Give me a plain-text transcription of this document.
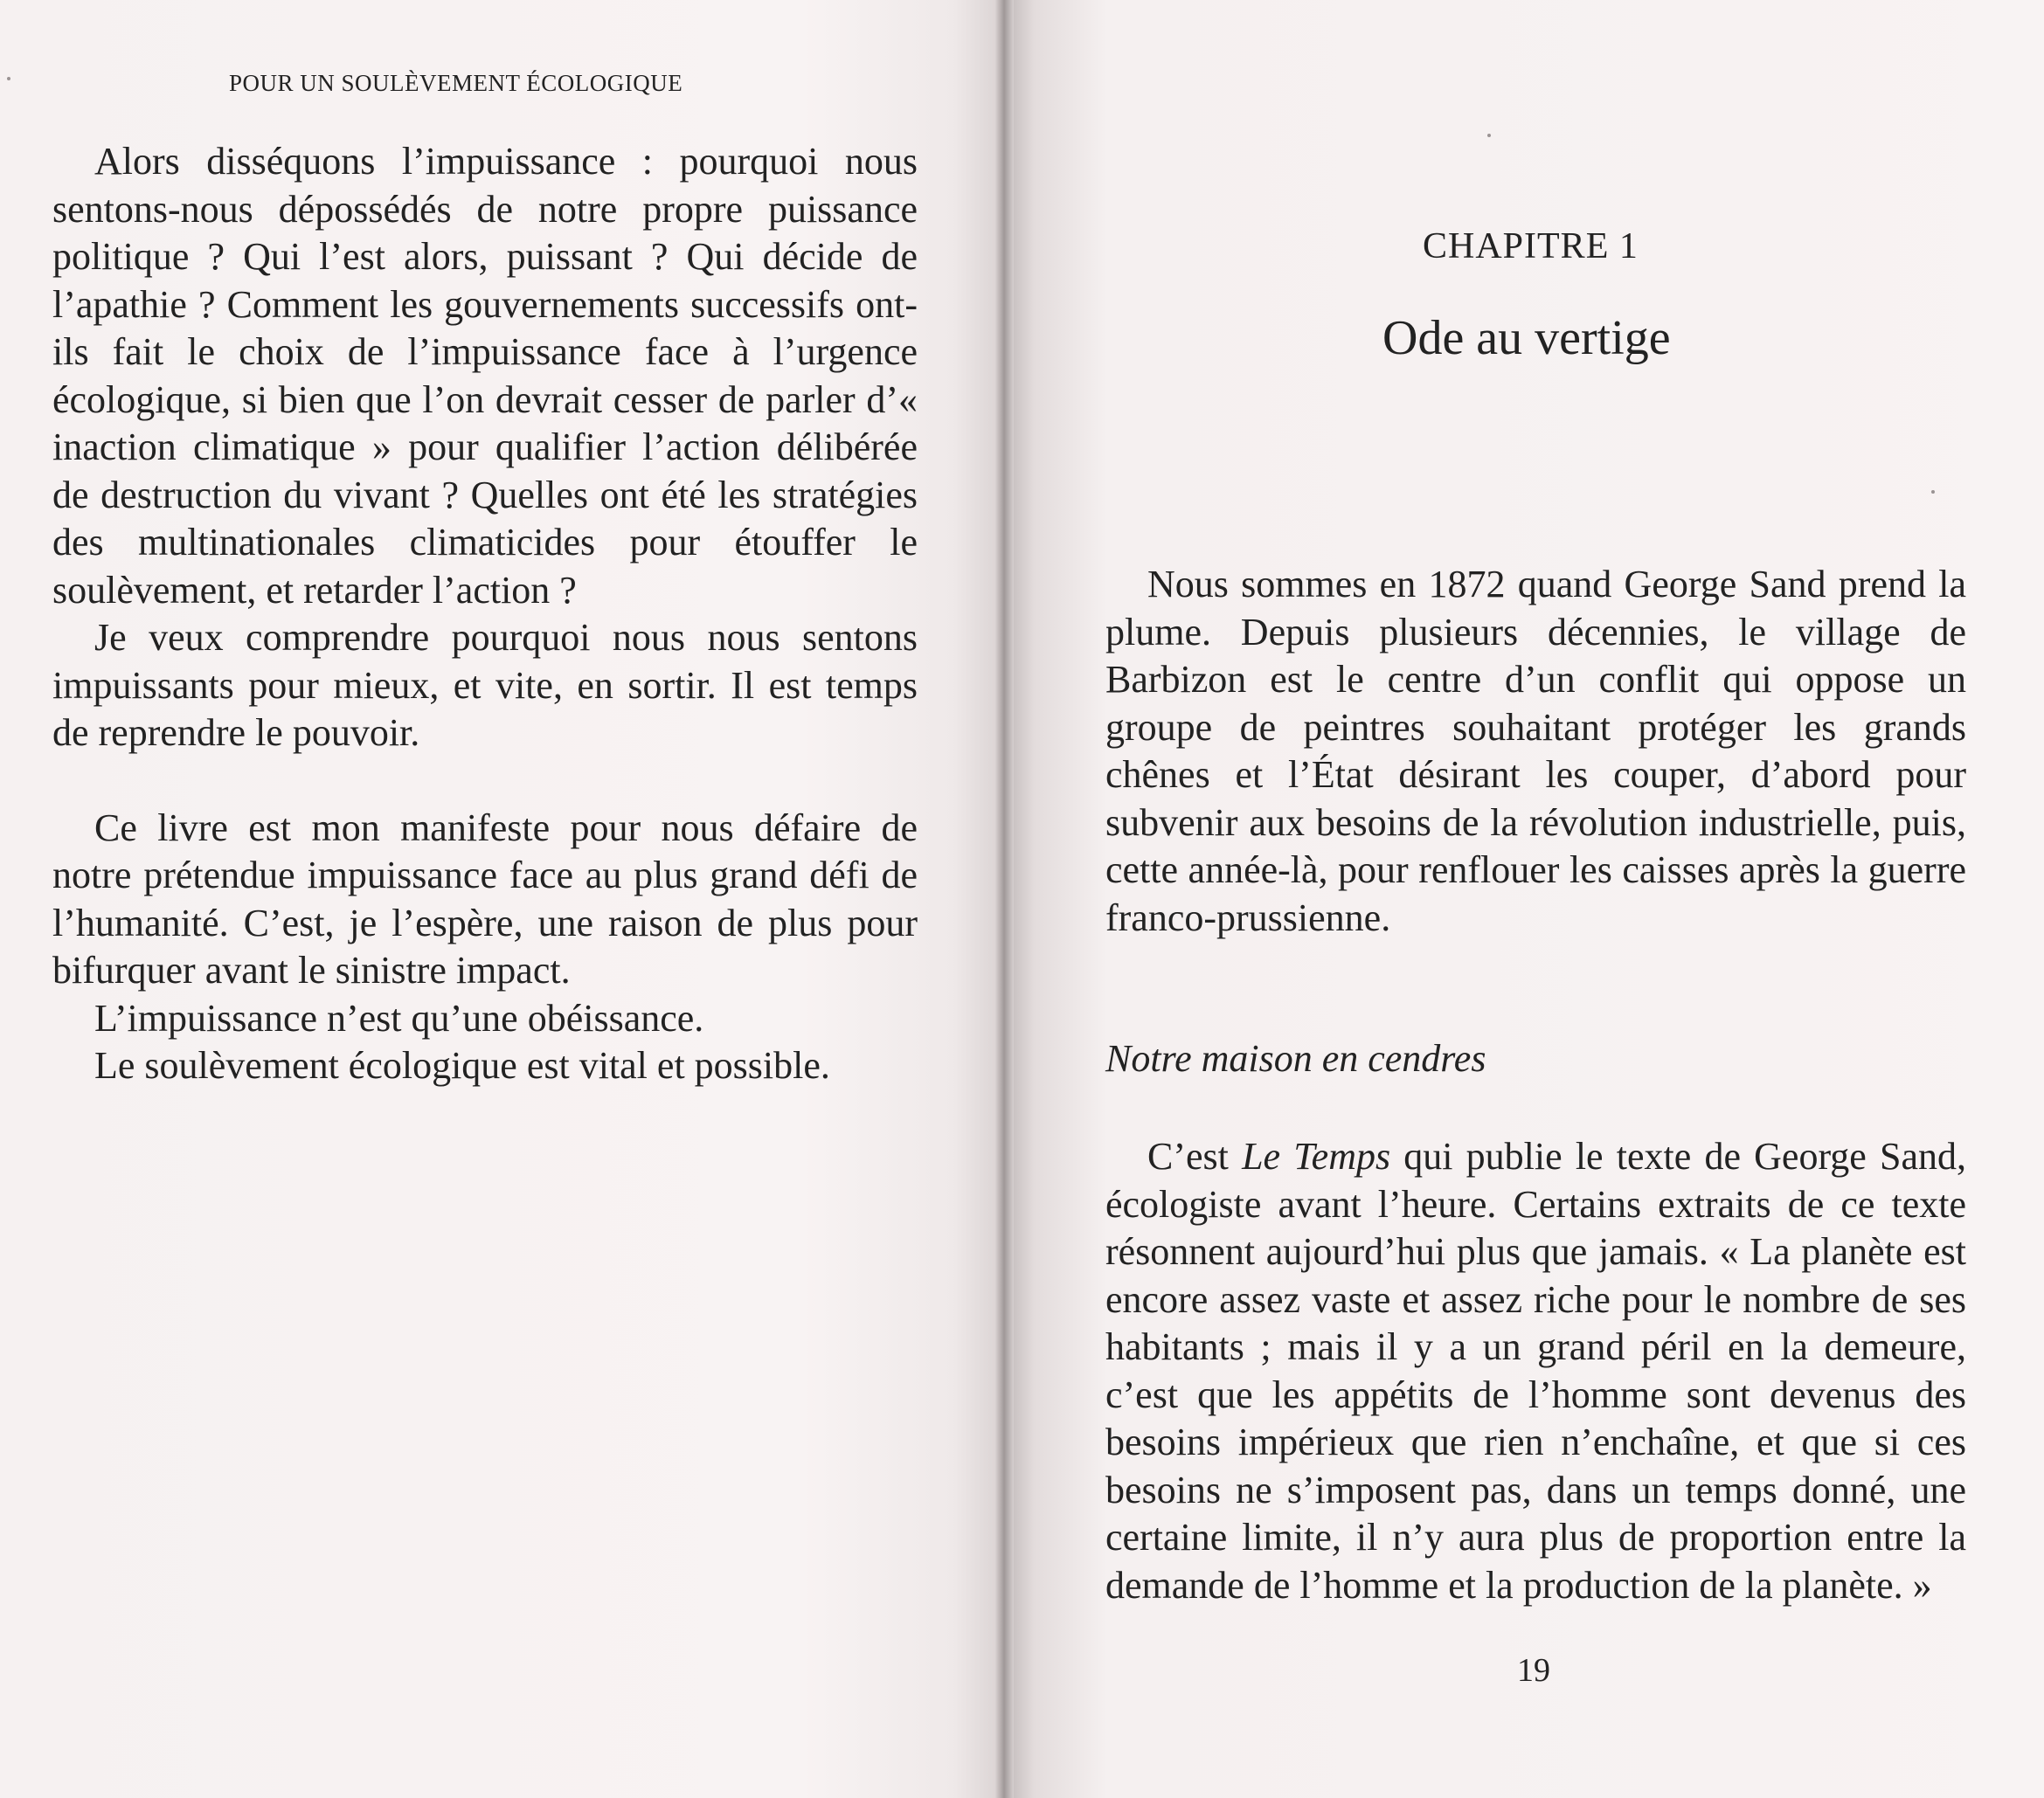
POUR UN SOULÈVEMENT ÉCOLOGIQUE

Alors disséquons l’impuissance : pourquoi nous sentons-nous dépossédés de notre propre puissance politique ? Qui l’est alors, puissant ? Qui décide de l’apathie ? Comment les gouvernements successifs ont-ils fait le choix de l’impuissance face à l’urgence écologique, si bien que l’on devrait cesser de parler d’« inaction climatique » pour qualifier l’action délibérée de destruction du vivant ? Quelles ont été les stratégies des multinationales climaticides pour étouffer le soulèvement, et retarder l’action ?

Je veux comprendre pourquoi nous nous sentons impuissants pour mieux, et vite, en sortir. Il est temps de reprendre le pouvoir.

Ce livre est mon manifeste pour nous défaire de notre prétendue impuissance face au plus grand défi de l’humanité. C’est, je l’espère, une raison de plus pour bifurquer avant le sinistre impact.

L’impuissance n’est qu’une obéissance.

Le soulèvement écologique est vital et possible.

CHAPITRE 1
Ode au vertige

Nous sommes en 1872 quand George Sand prend la plume. Depuis plusieurs décennies, le village de Barbizon est le centre d’un conflit qui oppose un groupe de peintres souhaitant protéger les grands chênes et l’État désirant les couper, d’abord pour subvenir aux besoins de la révolution industrielle, puis, cette année-là, pour renflouer les caisses après la guerre franco-prussienne.

Notre maison en cendres

C’est Le Temps qui publie le texte de George Sand, écologiste avant l’heure. Certains extraits de ce texte résonnent aujourd’hui plus que jamais. « La planète est encore assez vaste et assez riche pour le nombre de ses habitants ; mais il y a un grand péril en la demeure, c’est que les appétits de l’homme sont devenus des besoins impérieux que rien n’enchaîne, et que si ces besoins ne s’imposent pas, dans un temps donné, une certaine limite, il n’y aura plus de proportion entre la demande de l’homme et la production de la planète. »

19
